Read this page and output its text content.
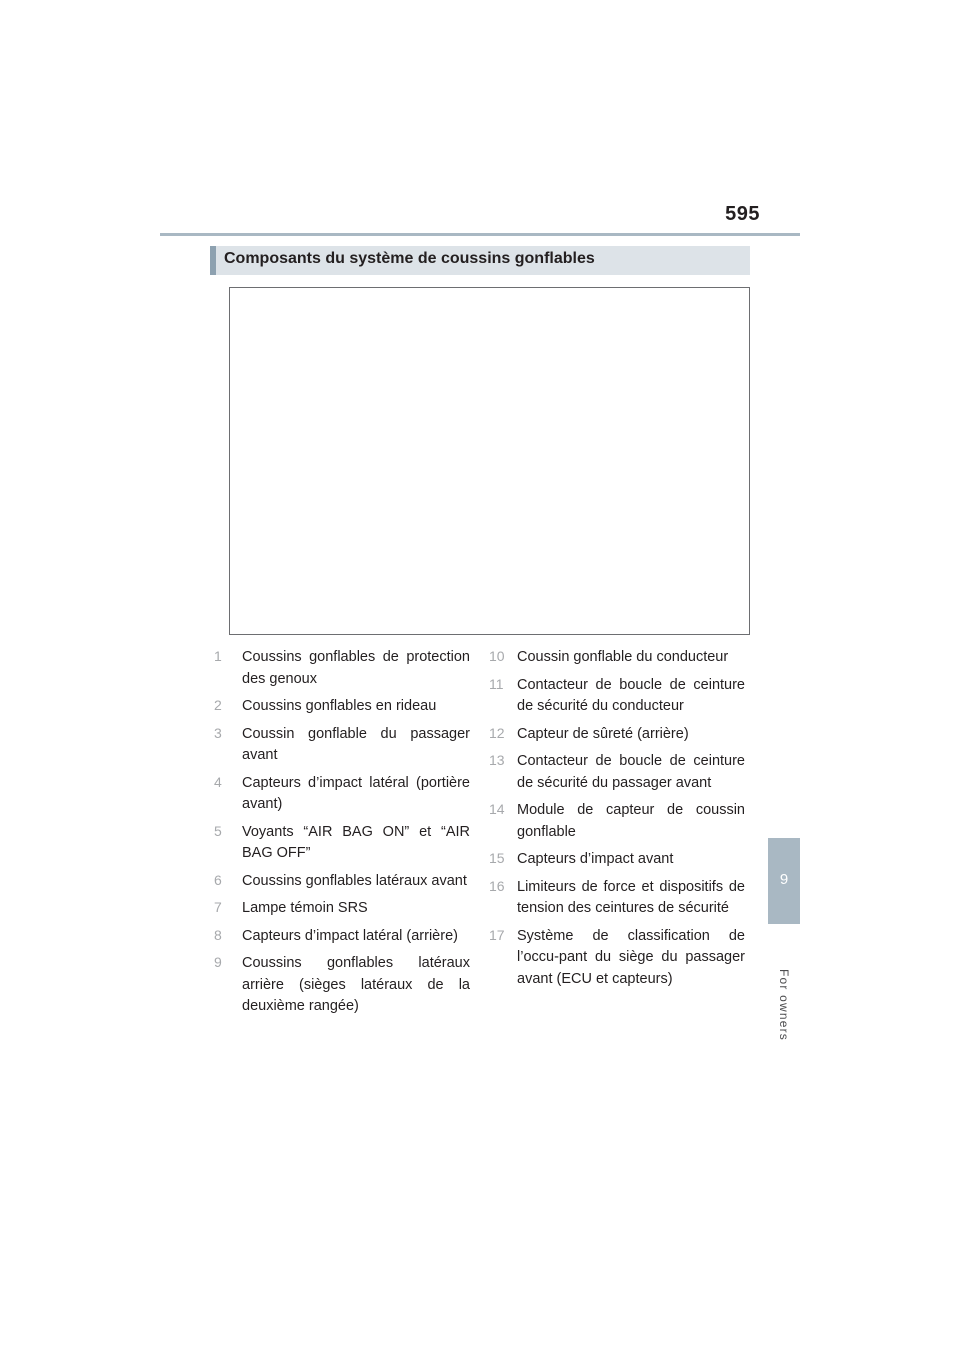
595
Composants du système de coussins gonflables
9
For owners
1 Coussins gonflables de protection des genoux
2 Coussins gonflables en rideau
3 Coussin gonflable du passager avant
4 Capteurs d’impact latéral (portière avant)
5 Voyants “AIR BAG ON” et “AIR BAG OFF”
6 Coussins gonflables latéraux avant
7 Lampe témoin SRS
8 Capteurs d’impact latéral (arrière)
9 Coussins gonflables latéraux arrière (sièges latéraux de la deuxième rangée)
10 Coussin gonflable du conducteur
11 Contacteur de boucle de ceinture de sécurité du conducteur
12 Capteur de sûreté (arrière)
13 Contacteur de boucle de ceinture de sécurité du passager avant
14 Module de capteur de coussin gonflable
15 Capteurs d’impact avant
16 Limiteurs de force et dispositifs de tension des ceintures de sécurité
17 Système de classification de l’occu-pant du siège du passager avant (ECU et capteurs)
